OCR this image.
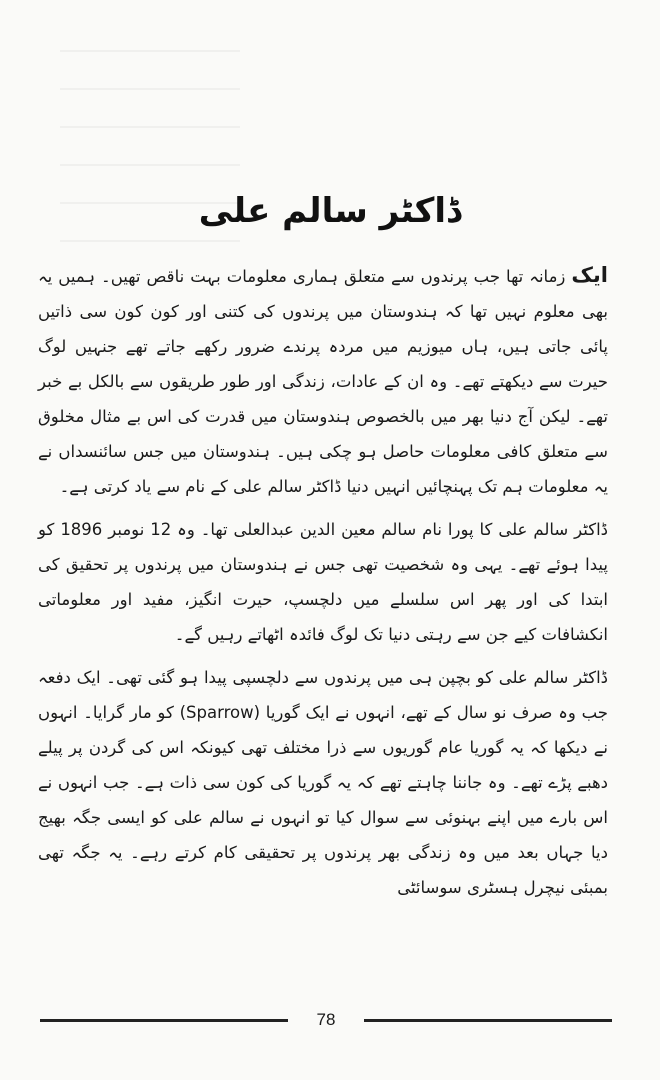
ڈاکٹر سالم علی

ایک زمانہ تھا جب پرندوں سے متعلق ہماری معلومات بہت ناقص تھیں۔ ہمیں یہ بھی معلوم نہیں تھا کہ ہندوستان میں پرندوں کی کتنی اور کون کون سی ذاتیں پائی جاتی ہیں، ہاں میوزیم میں مردہ پرندے ضرور رکھے جاتے تھے جنہیں لوگ حیرت سے دیکھتے تھے۔ وہ ان کے عادات، زندگی اور طور طریقوں سے بالکل بے خبر تھے۔ لیکن آج دنیا بھر میں بالخصوص ہندوستان میں قدرت کی اس بے مثال مخلوق سے متعلق کافی معلومات حاصل ہو چکی ہیں۔ ہندوستان میں جس سائنسداں نے یہ معلومات ہم تک پہنچائیں انہیں دنیا ڈاکٹر سالم علی کے نام سے یاد کرتی ہے۔

ڈاکٹر سالم علی کا پورا نام سالم معین الدین عبدالعلی تھا۔ وہ 12 نومبر 1896 کو پیدا ہوئے تھے۔ یہی وہ شخصیت تھی جس نے ہندوستان میں پرندوں پر تحقیق کی ابتدا کی اور پھر اس سلسلے میں دلچسپ، حیرت انگیز، مفید اور معلوماتی انکشافات کیے جن سے رہتی دنیا تک لوگ فائدہ اٹھاتے رہیں گے۔

ڈاکٹر سالم علی کو بچپن ہی میں پرندوں سے دلچسپی پیدا ہو گئی تھی۔ ایک دفعہ جب وہ صرف نو سال کے تھے، انہوں نے ایک گوریا (Sparrow) کو مار گرایا۔ انہوں نے دیکھا کہ یہ گوریا عام گوریوں سے ذرا مختلف تھی کیونکہ اس کی گردن پر پیلے دھبے پڑے تھے۔ وہ جاننا چاہتے تھے کہ یہ گوریا کی کون سی ذات ہے۔ جب انہوں نے اس بارے میں اپنے بہنوئی سے سوال کیا تو انہوں نے سالم علی کو ایسی جگہ بھیج دیا جہاں بعد میں وہ زندگی بھر پرندوں پر تحقیقی کام کرتے رہے۔ یہ جگہ تھی بمبئی نیچرل ہسٹری سوسائٹی

78
